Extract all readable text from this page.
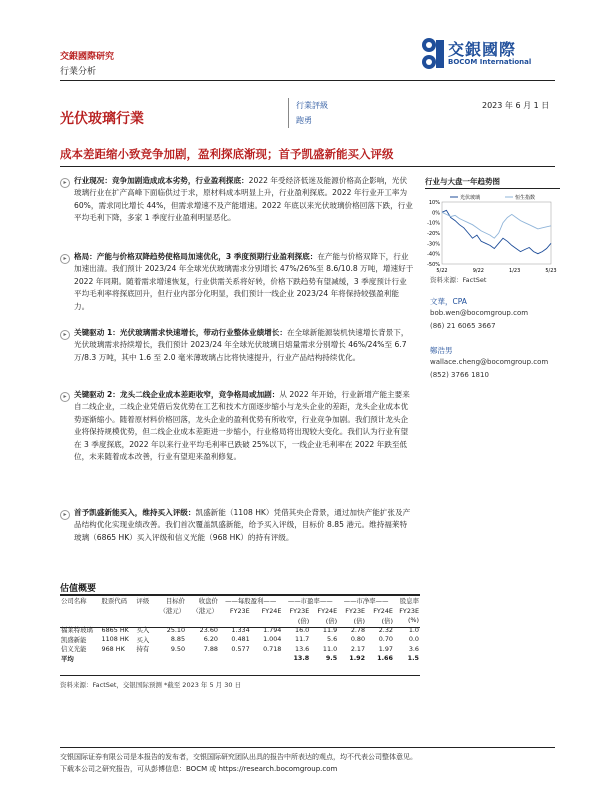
交銀國際研究
行業分析
交銀國際
BOCOM International
光伏玻璃行業
行業評級
跑勇
2023 年 6 月 1 日
成本差距缩小致竞争加剧，盈利探底渐现；首予凯盛新能买入评级
▸ 行业现况：竞争加剧造成成本劣势，行业盈利探底：2022 年受经济低迷及能源价格高企影响，光伏玻璃行业在扩产高峰下面临供过于求，原材料成本明显上升，行业盈利探底。2022 年行业开工率为 60%，需求同比增长 44%，但需求增速不及产能增速。2022 年底以来光伏玻璃价格回落下跌，行业平均毛利下降，多家 1 季度行业盈利明显恶化。
▸ 格局：产能与价格双降趋势使格局加速优化，3 季度预期行业盈利探底：在产能与价格双降下，行业加速出清。我们预计 2023/24 年全球光伏玻璃需求分别增长 47%/26%至 8.6/10.8 万吨，增速好于 2022 年同期。随着需求增速恢复，行业供需关系将好转，价格下跌趋势有望减缓，3 季度预计行业平均毛利率将探底回升，但行业内部分化明显，我们预计一线企业 2023/24 年将保持较强盈利能力。
▸ 关键驱动 1：光伏玻璃需求快速增长，带动行业整体业绩增长：在全球新能源装机快速增长背景下，光伏玻璃需求持续增长，我们预计 2023/24 年全球光伏玻璃日熔量需求分别增长 46%/24%至 6.7 万/8.3 万吨，其中 1.6 至 2.0 毫米薄玻璃占比将快速提升，行业产品结构持续优化。
▸ 关键驱动 2：龙头二线企业成本差距收窄，竞争格局或加剧：从 2022 年开始，行业新增产能主要来自二线企业，二线企业凭借后发优势在工艺和技术方面逐步缩小与龙头企业的差距，龙头企业成本优势逐渐缩小。随着原材料价格回落，龙头企业的盈利优势有所收窄，行业竞争加剧。我们预计龙头企业将保持规模优势，但二线企业成本差距进一步缩小，行业格局将出现较大变化。我们认为行业有望在 3 季度探底，2022 年以来行业平均毛利率已跌破 25%以下，一线企业毛利率在 2022 年跌至低位，未来随着成本改善，行业有望迎来盈利修复。
▸ 首予凯盛新能买入，维持买入评级：凯盛新能（1108 HK）凭借其央企背景，通过加快产能扩张及产品结构优化实现业绩改善。我们首次覆盖凯盛新能，给予买入评级，目标价 8.85 港元。维持福莱特玻璃（6865 HK）买入评级和信义光能（968 HK）的持有评级。
行业与大盘一年趋势图
10%
0%
-10%
-20%
-30%
-40%
-50%
5/22	9/22	1/23	5/23
光伏玻璃	恒生指数
资料来源：FactSet
文華，CPA
bob.wen@bocomgroup.com
(86) 21 6065 3667
鄭浩男
wallace.cheng@bocomgroup.com
(852) 3766 1810
估值概要
公司名称	股票代码	评级	目标价	收盘价	——每股盈利——		——市盈率——		——市净率——		股息率
			（港元）	（港元）	FY23E	FY24E	FY23E	FY24E	FY23E	FY24E	FY23E
							(倍)	(倍)	(倍)	(倍)	(%)
福莱特玻璃	6865 HK	买入	25.10	23.60	1.334	1.794	16.0	11.9	2.78	2.32	1.0
凯盛新能	1108 HK	买入	8.85	6.20	0.481	1.004	11.7	5.6	0.80	0.70	0.0
信义光能	968 HK	持有	9.50	7.88	0.577	0.718	13.6	11.0	2.17	1.97	3.6
平均							13.8	9.5	1.92	1.66	1.5
资料来源：FactSet，交银国际预测 *截至 2023 年 5 月 30 日
交银国际证券有限公司是本报告的发布者，交银国际研究团队出具的报告中所表达的观点，均不代表公司整体意见。
下载本公司之研究报告，可从彭博信息：BOCM 或 https://research.bocomgroup.com
